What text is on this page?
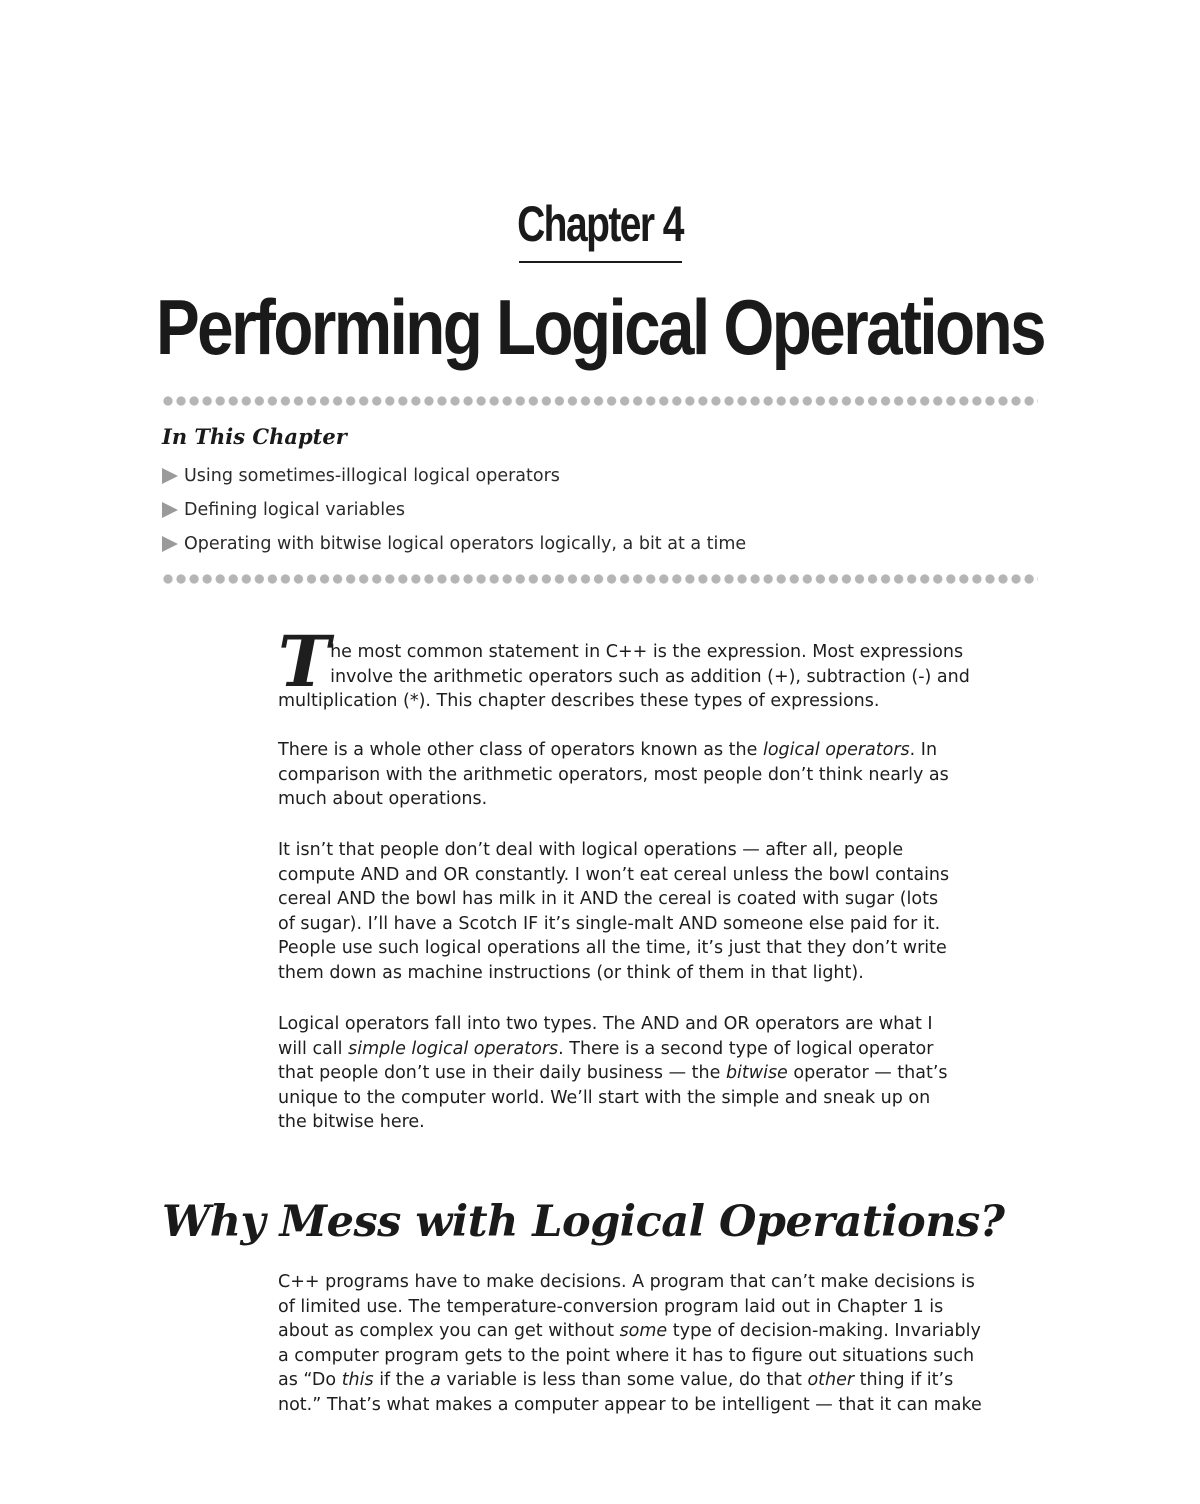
Chapter 4
Performing Logical Operations
In This Chapter
Using sometimes-illogical logical operators
Defining logical variables
Operating with bitwise logical operators logically, a bit at a time
T he most common statement in C++ is the expression. Most expressions
involve the arithmetic operators such as addition (+), subtraction (-) and
multiplication (*). This chapter describes these types of expressions.
There is a whole other class of operators known as the logical operators. In
comparison with the arithmetic operators, most people don’t think nearly as
much about operations.
It isn’t that people don’t deal with logical operations — after all, people
compute AND and OR constantly. I won’t eat cereal unless the bowl contains
cereal AND the bowl has milk in it AND the cereal is coated with sugar (lots
of sugar). I’ll have a Scotch IF it’s single-malt AND someone else paid for it.
People use such logical operations all the time, it’s just that they don’t write
them down as machine instructions (or think of them in that light).
Logical operators fall into two types. The AND and OR operators are what I
will call simple logical operators. There is a second type of logical operator
that people don’t use in their daily business — the bitwise operator — that’s
unique to the computer world. We’ll start with the simple and sneak up on
the bitwise here.
Why Mess with Logical Operations?
C++ programs have to make decisions. A program that can’t make decisions is
of limited use. The temperature-conversion program laid out in Chapter 1 is
about as complex you can get without some type of decision-making. Invariably
a computer program gets to the point where it has to figure out situations such
as “Do this if the a variable is less than some value, do that other thing if it’s
not.” That’s what makes a computer appear to be intelligent — that it can make
